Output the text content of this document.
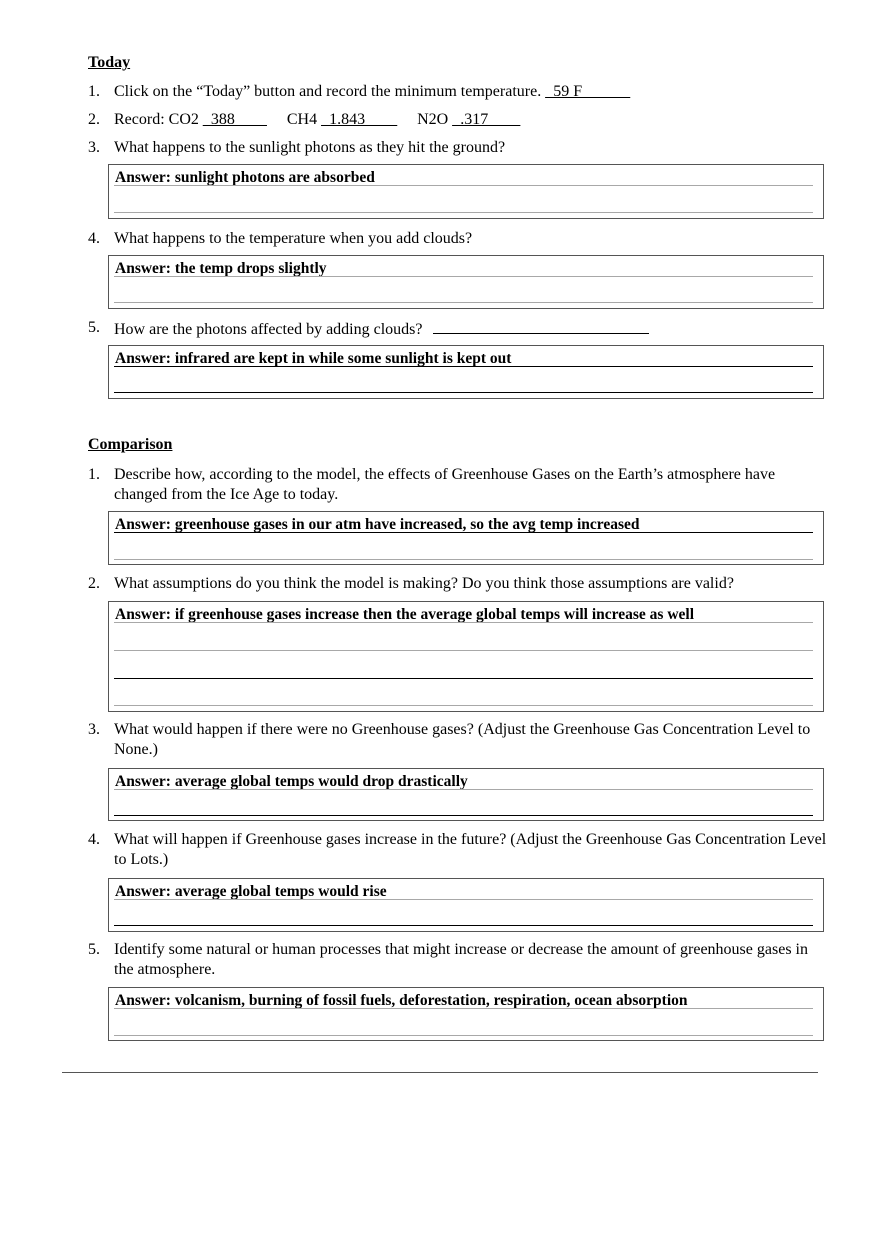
Today
1. Click on the “Today” button and record the minimum temperature. _59 F______
2. Record: CO2 _388____ CH4 _1.843____ N2O _.317____
3. What happens to the sunlight photons as they hit the ground?
Answer: sunlight photons are absorbed
4. What happens to the temperature when you add clouds?
Answer: the temp drops slightly
5. How are the photons affected by adding clouds?
Answer: infrared are kept in while some sunlight is kept out
Comparison
1. Describe how, according to the model, the effects of Greenhouse Gases on the Earth’s atmosphere have changed from the Ice Age to today.
Answer: greenhouse gases in our atm have increased, so the avg temp increased
2. What assumptions do you think the model is making? Do you think those assumptions are valid?
Answer: if greenhouse gases increase then the average global temps will increase as well
3. What would happen if there were no Greenhouse gases? (Adjust the Greenhouse Gas Concentration Level to None.)
Answer: average global temps would drop drastically
4. What will happen if Greenhouse gases increase in the future? (Adjust the Greenhouse Gas Concentration Level to Lots.)
Answer: average global temps would rise
5. Identify some natural or human processes that might increase or decrease the amount of greenhouse gases in the atmosphere.
Answer: volcanism, burning of fossil fuels, deforestation, respiration, ocean absorption
